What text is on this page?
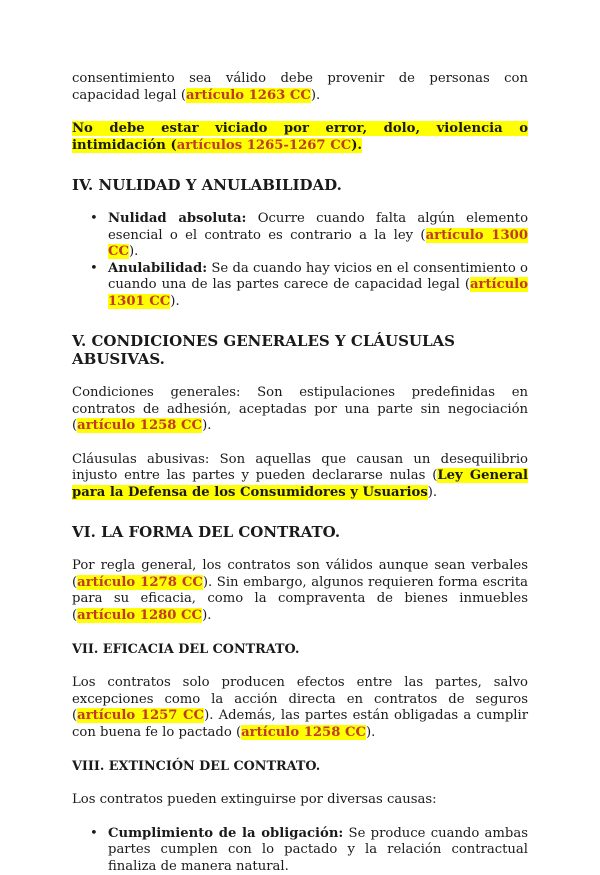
consentimiento sea válido debe provenir de personas con capacidad legal (artículo 1263 CC).

No debe estar viciado por error, dolo, violencia o intimidación (artículos 1265-1267 CC).

IV. NULIDAD Y ANULABILIDAD.
• Nulidad absoluta: Ocurre cuando falta algún elemento esencial o el contrato es contrario a la ley (artículo 1300 CC).
• Anulabilidad: Se da cuando hay vicios en el consentimiento o cuando una de las partes carece de capacidad legal (artículo 1301 CC).
V. CONDICIONES GENERALES Y CLÁUSULAS ABUSIVAS.

Condiciones generales: Son estipulaciones predefinidas en contratos de adhesión, aceptadas por una parte sin negociación (artículo 1258 CC).

Cláusulas abusivas: Son aquellas que causan un desequilibrio injusto entre las partes y pueden declararse nulas (Ley General para la Defensa de los Consumidores y Usuarios).

VI. LA FORMA DEL CONTRATO.

Por regla general, los contratos son válidos aunque sean verbales (artículo 1278 CC). Sin embargo, algunos requieren forma escrita para su eficacia, como la compraventa de bienes inmuebles (artículo 1280 CC).

VII. EFICACIA DEL CONTRATO.

Los contratos solo producen efectos entre las partes, salvo excepciones como la acción directa en contratos de seguros (artículo 1257 CC). Además, las partes están obligadas a cumplir con buena fe lo pactado (artículo 1258 CC).

VIII. EXTINCIÓN DEL CONTRATO.

Los contratos pueden extinguirse por diversas causas:

• Cumplimiento de la obligación: Se produce cuando ambas partes cumplen con lo pactado y la relación contractual finaliza de manera natural.
